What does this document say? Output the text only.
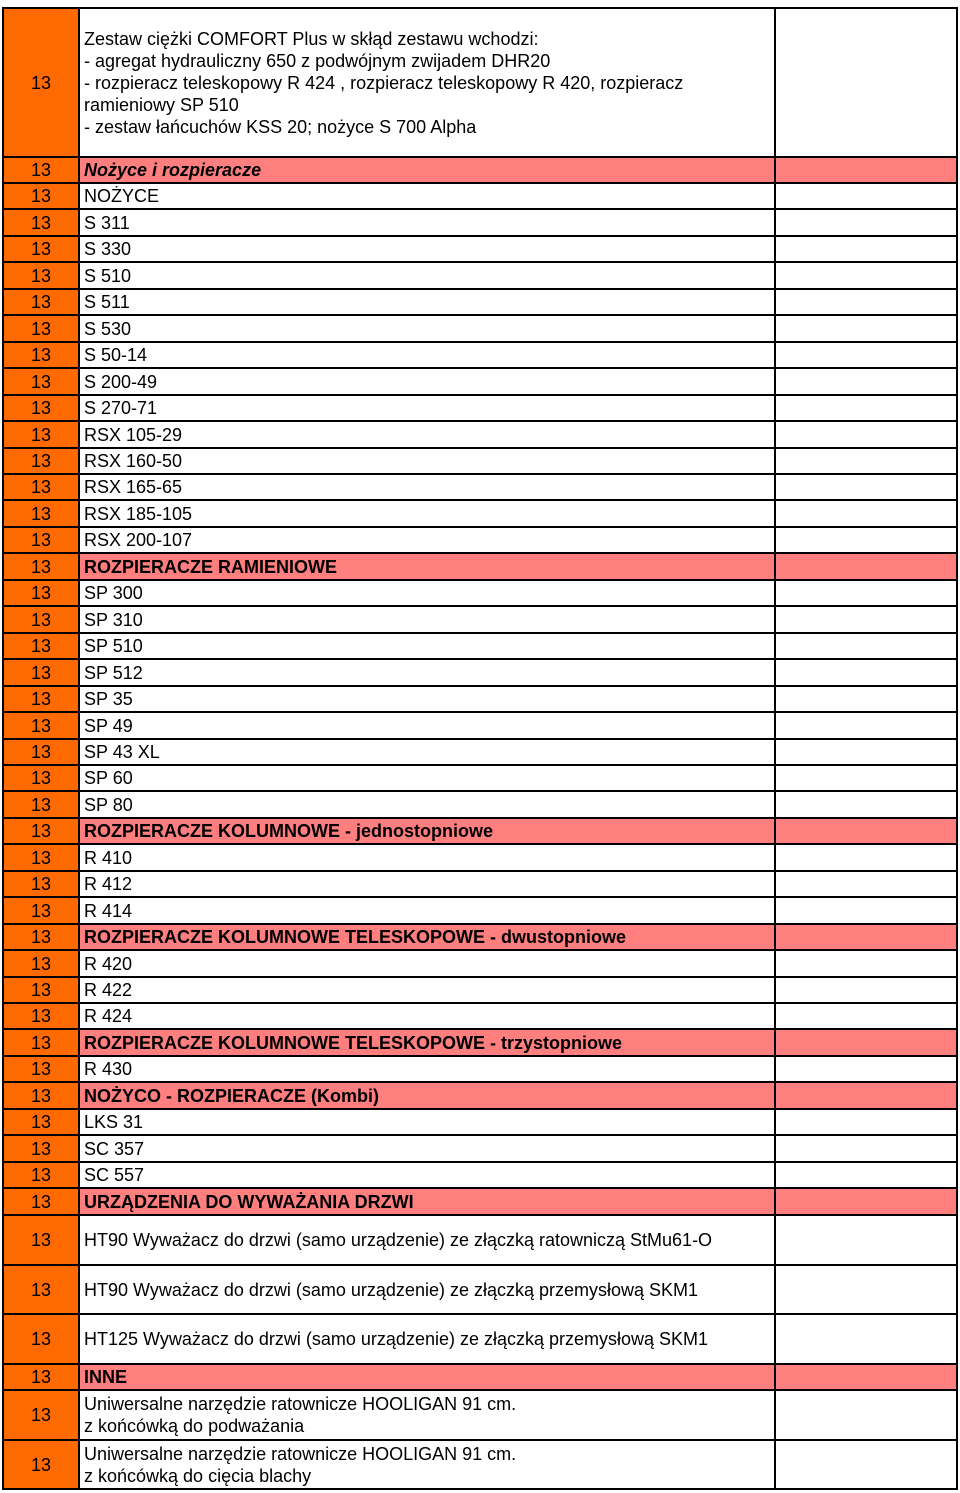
13	Zestaw ciężki COMFORT Plus w skłąd zestawu wchodzi:
- agregat hydrauliczny 650 z podwójnym zwijadem DHR20
- rozpieracz teleskopowy R 424 , rozpieracz teleskopowy R 420, rozpieracz
ramieniowy SP 510
- zestaw łańcuchów KSS 20; nożyce S 700 Alpha	

13	Nożyce i rozpieracze	
13	NOŻYCE	
13	S 311	
13	S 330	
13	S 510	
13	S 511	
13	S 530	
13	S 50-14	
13	S 200-49	
13	S 270-71	
13	RSX 105-29	
13	RSX 160-50	
13	RSX 165-65	
13	RSX 185-105	
13	RSX 200-107	
13	ROZPIERACZE RAMIENIOWE	
13	SP 300	
13	SP 310	
13	SP 510	
13	SP 512	
13	SP 35	
13	SP 49	
13	SP 43 XL	
13	SP 60	
13	SP 80	
13	ROZPIERACZE KOLUMNOWE - jednostopniowe	
13	R 410	
13	R 412	
13	R 414	
13	ROZPIERACZE KOLUMNOWE TELESKOPOWE - dwustopniowe	
13	R 420	
13	R 422	
13	R 424	
13	ROZPIERACZE KOLUMNOWE TELESKOPOWE - trzystopniowe	
13	R 430	
13	NOŻYCO - ROZPIERACZE (Kombi)	
13	LKS 31	
13	SC 357	
13	SC 557	
13	URZĄDZENIA DO WYWAŻANIA DRZWI	
13	HT90 Wyważacz do drzwi (samo urządzenie) ze złączką ratowniczą StMu61-O	
13	HT90 Wyważacz do drzwi (samo urządzenie) ze złączką przemysłową SKM1	
13	HT125 Wyważacz do drzwi (samo urządzenie) ze złączką przemysłową SKM1	
13	INNE	
13	Uniwersalne narzędzie ratownicze HOOLIGAN 91 cm.
z końcówką do podważania	

13	Uniwersalne narzędzie ratownicze HOOLIGAN 91 cm.
z końcówką do cięcia blachy	
